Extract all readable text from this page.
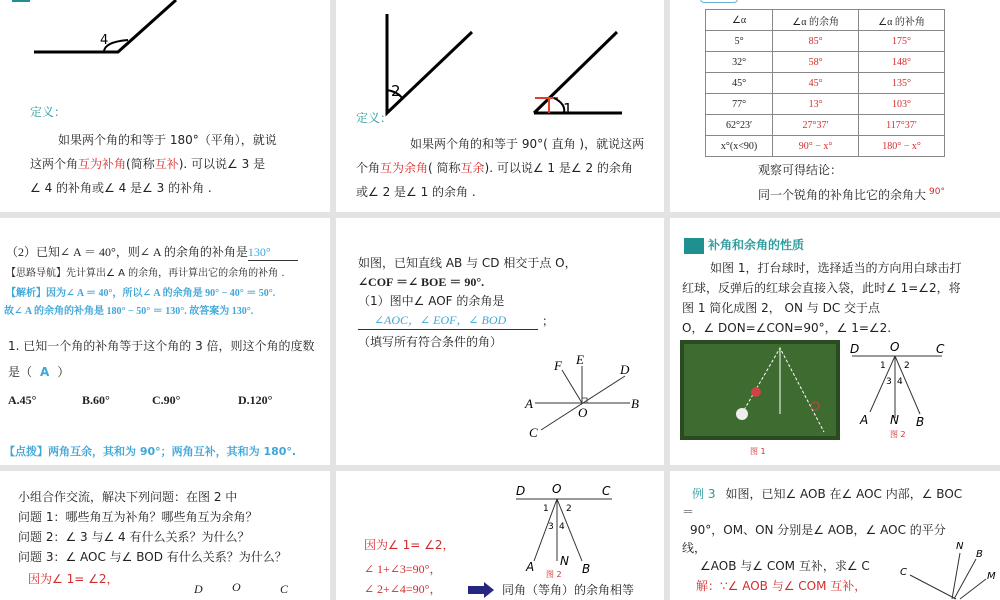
4
定义：
如果两个角的和等于 180°（平角），就说
这两个角互为补角(简称互补). 可以说∠ 3 是
∠ 4 的补角或∠ 4 是∠ 3 的补角 .
2
1
定义：
如果两个角的和等于 90°( 直角 )，就说这两
个角互为余角( 简称互余). 可以说∠ 1 是∠ 2 的余角
或∠ 2 是∠ 1 的余角 .
∠α	∠α 的余角	∠α 的补角
5°	85°	175°
32°	58°	148°
45°	45°	135°
77°	13°	103°
62°23′	27°37′	117°37′
x°(x<90)	90° − x°	180° − x°
观察可得结论：
同一个锐角的补角比它的余角大 $^{90^\circ}$
（2）已知∠ A ＝ 40°，则∠ A 的余角的补角是130°
【思路导航】先计算出∠ A 的余角，再计算出它的余角的补角 .
【解析】因为∠ A ＝ 40°，所以∠ A 的余角是 90° − 40° ＝ 50°.
故∠ A 的余角的补角是 180° − 50° ＝ 130°. 故答案为 130°.
1. 已知一个角的补角等于这个角的 3 倍，则这个角的度数
是（ A ）
A.45°	B.60°	C.90°	D.120°
【点拨】两角互余，其和为 90°；两角互补，其和为 180°.
如图，已知直线 AB 与 CD 相交于点 O，
∠COF ＝∠ BOE ＝ 90°.
（1）图中∠ AOF 的余角是
∠AOC，∠ EOF，∠ BOD	；
（填写所有符合条件的角）
E
F	D
A	B
O
C
补角和余角的性质
如图 1，打台球时，选择适当的方向用白球击打
红球，反弹后的红球会直接入袋，此时∠ 1=∠2，将
图 1 简化成图 2， ON 与 DC 交于点
O，∠ DON=∠CON=90°，∠ 1=∠2.
图 1
D	O	C
1 2
3 4
A N B
图 2
小组合作交流，解决下列问题：在图 2 中
问题 1：哪些角互为补角？哪些角互为余角？
问题 2：∠ 3 与∠ 4 有什么关系？为什么？
问题 3：∠ AOC 与∠ BOD 有什么关系？为什么？
因为∠ 1= ∠2，
D O	C
因为∠ 1= ∠2，
∠ 1+∠3=90°，
∠ 2+∠4=90°，	同角（等角）的余角相等
D O	C
1 2
3 4
A N
B
图 2
例 3 如图，已知∠ AOB 在∠ AOC 内部，∠ BOC
＝
90°，OM、ON 分别是∠ AOB，∠ AOC 的平分
线，
∠AOB 与∠ COM 互补，求∠ C
解：∵∠ AOB 与∠ COM 互补，
N
B
M
C
